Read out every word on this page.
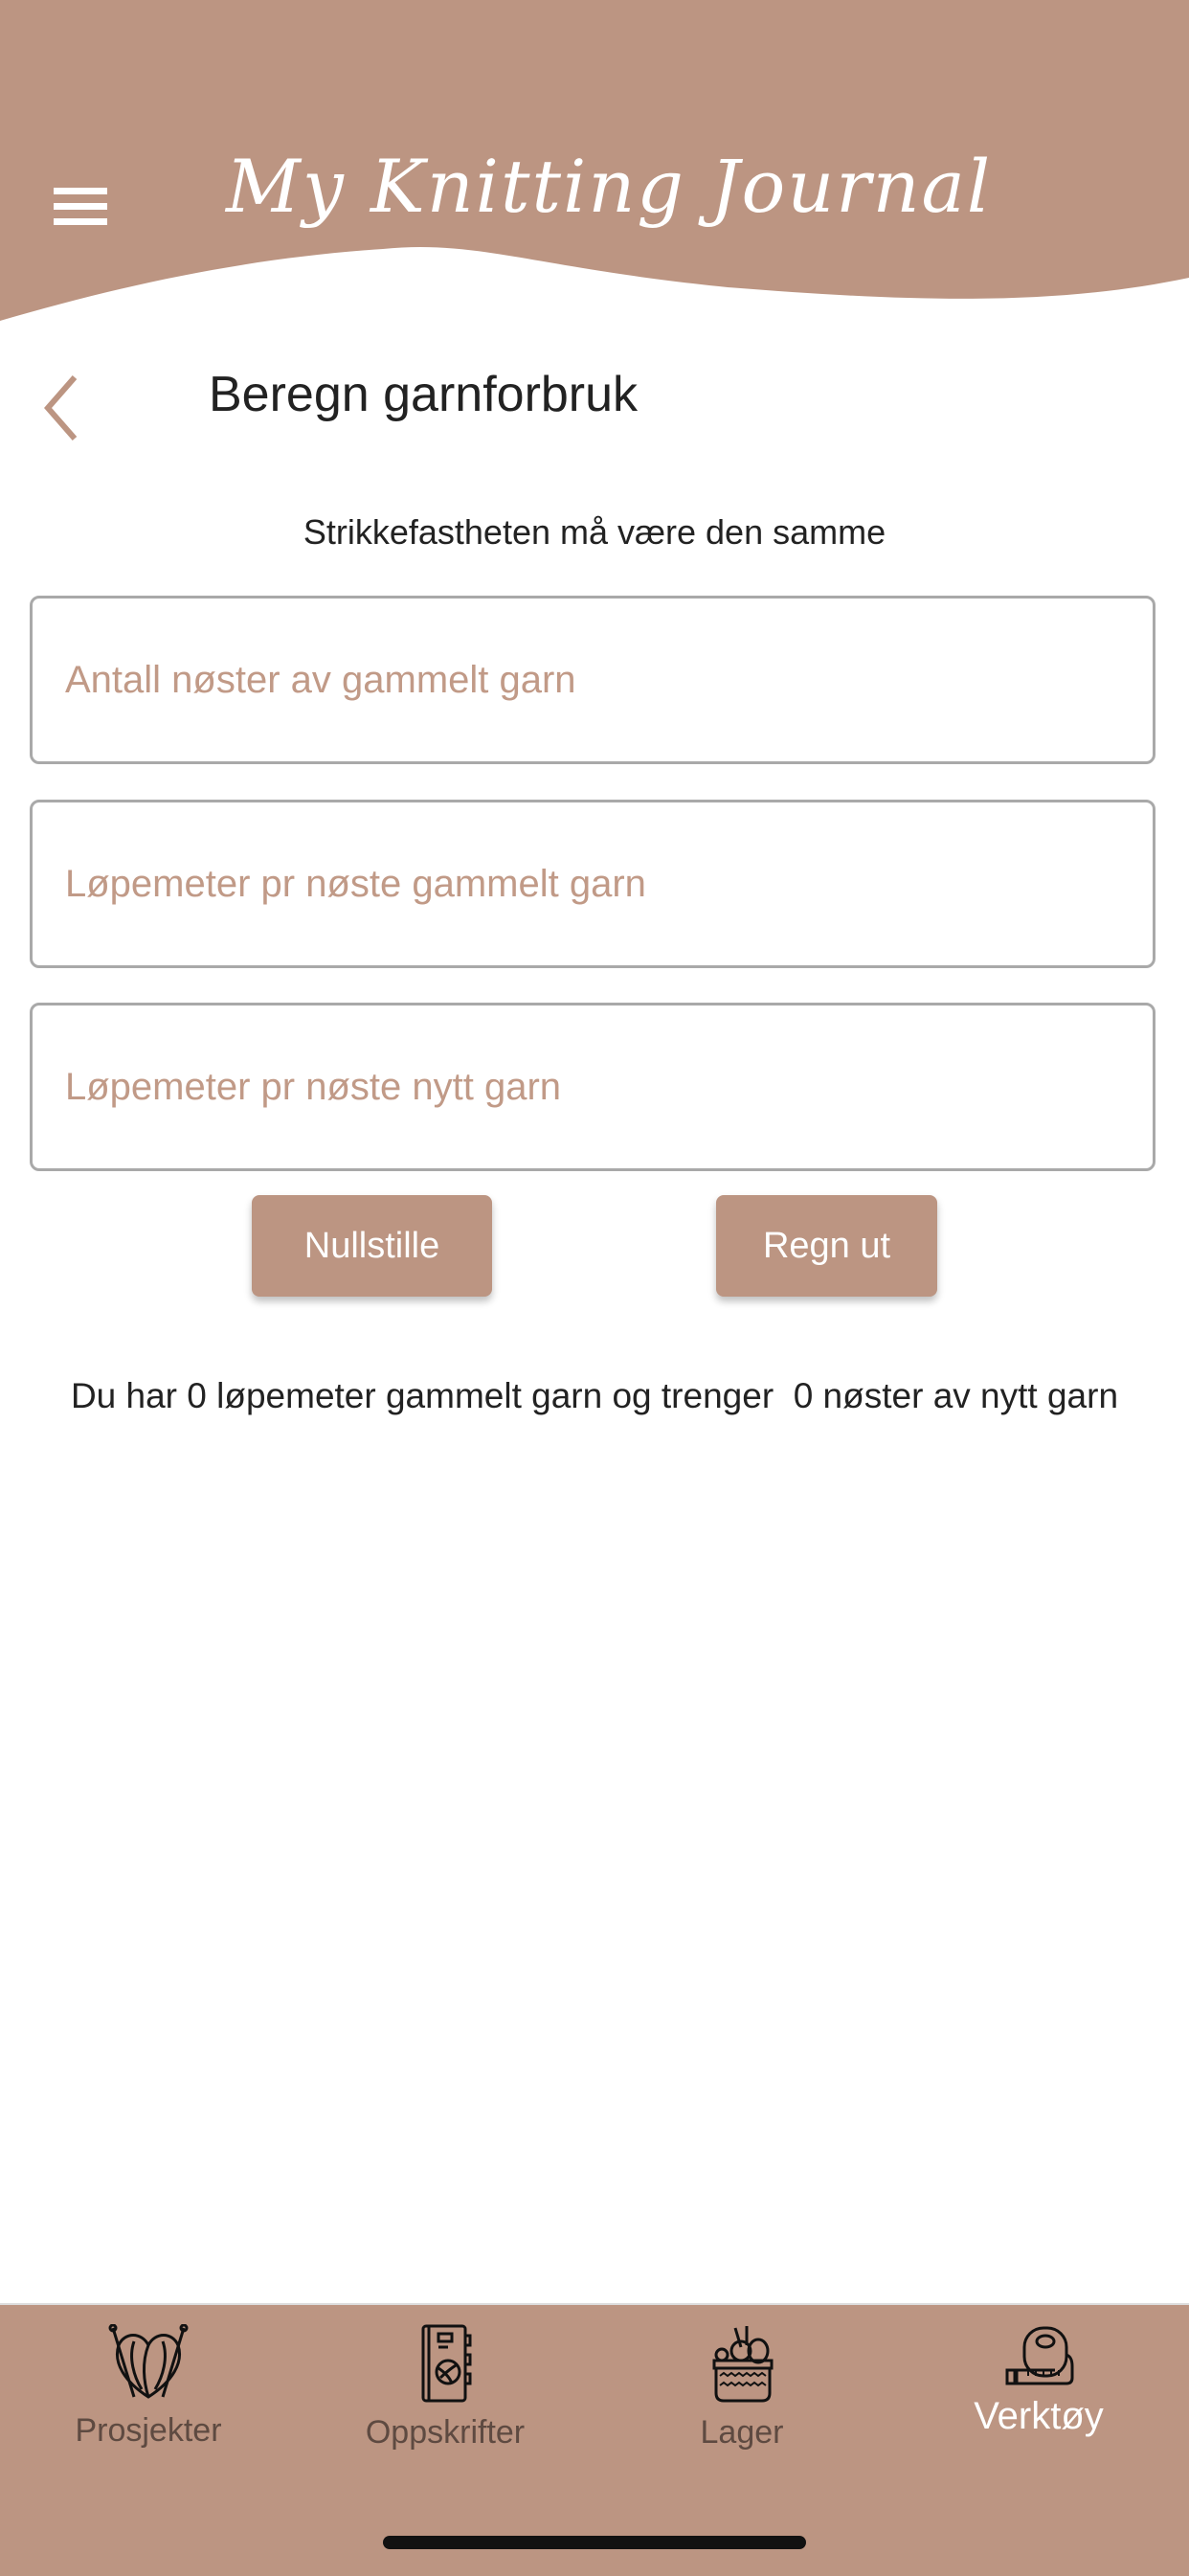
My Knitting Journal
Beregn garnforbruk
Strikkefastheten må være den samme
Antall nøster av gammelt garn
Løpemeter pr nøste gammelt garn
Løpemeter pr nøste nytt garn
Nullstille	Regn ut
Du har 0 løpemeter gammelt garn og trenger  0 nøster av nytt garn
Prosjekter	Oppskrifter	Lager	Verktøy
